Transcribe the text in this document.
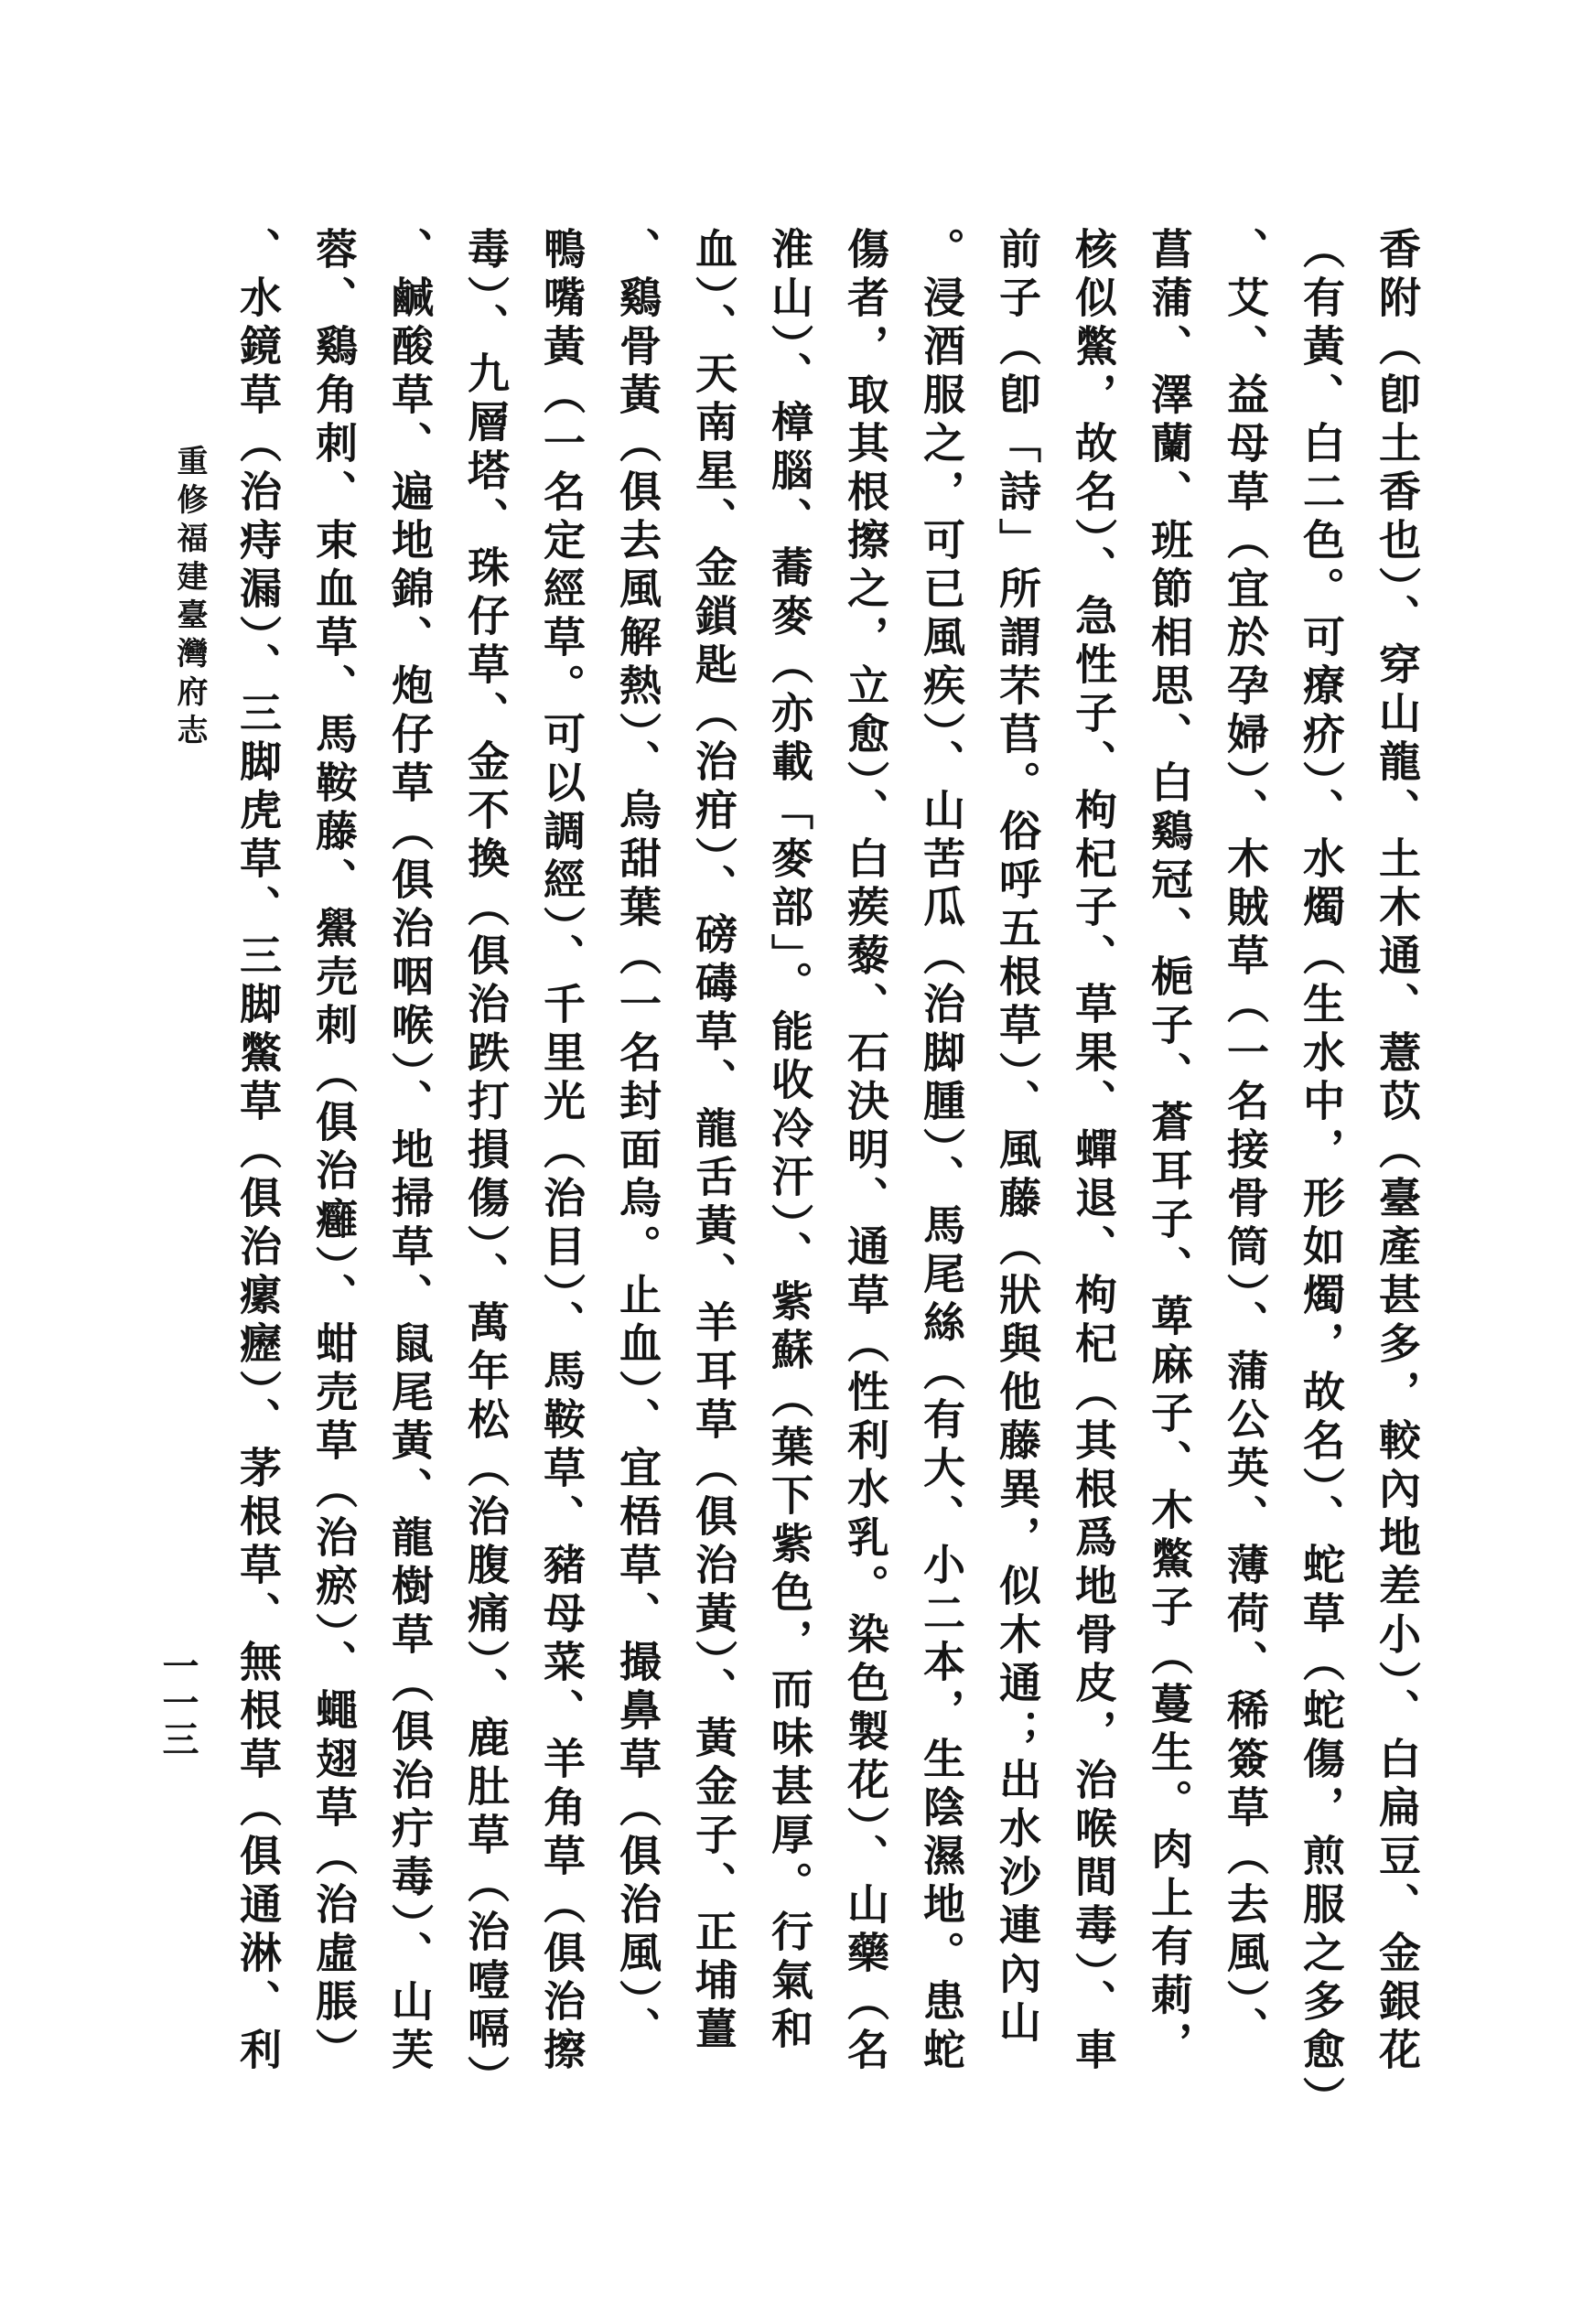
重修福建臺灣府志
一一三	香附（卽土香也）、穿山龍、土木通、薏苡（臺產甚多，較內地差小）、白扁豆、金銀花
（有黃、白二色。可療疥）、水燭（生水中，形如燭，故名）、蛇草（蛇傷，煎服之多愈）
、艾、益母草（宜於孕婦）、木賊草（一名接骨筒）、蒲公英、薄荷、稀簽草（去風）、
菖蒲、澤蘭、班節相思、白鷄冠、梔子、蒼耳子、萆麻子、木鱉子（蔓生。肉上有莿，
核似鱉，故名）、急性子、枸杞子、草果、蟬退、枸杞（其根爲地骨皮，治喉間毒）、車
前子（卽「詩」所謂芣苢。俗呼五根草）、風藤（狀與他藤異，似木通；出水沙連內山
。浸酒服之，可已風疾）、山苦瓜（治脚腫）、馬尾絲（有大、小二本，生陰濕地。患蛇
傷者，取其根擦之，立愈）、白蒺藜、石決明、通草（性利水乳。染色製花）、山藥（名
淮山）、樟腦、蕎麥（亦載「麥部」。能收冷汗）、紫蘇（葉下紫色，而味甚厚。行氣和
血）、天南星、金鎖匙（治疳）、磅碡草、龍舌黃、羊耳草（俱治黃）、黃金子、正埔薑
、鷄骨黃（俱去風解熱）、烏甜葉（一名封面烏。止血）、宜梧草、撮鼻草（俱治風）、
鴨嘴黃（一名定經草。可以調經）、千里光（治目）、馬鞍草、豬母菜、羊角草（俱治擦
毒）、九層塔、珠仔草、金不換（俱治跌打損傷）、萬年松（治腹痛）、鹿肚草（治噎嗝）
、鹹酸草、遍地錦、炮仔草（俱治咽喉）、地掃草、鼠尾黃、龍樹草（俱治疔毒）、山芙
蓉、鷄角刺、束血草、馬鞍藤、鱟売刺（俱治癰）、蚶売草（治瘀）、蠅翅草（治虛脹）
、水鏡草（治痔漏）、三脚虎草、三脚鱉草（俱治瘰癧）、茅根草、無根草（俱通淋、利
